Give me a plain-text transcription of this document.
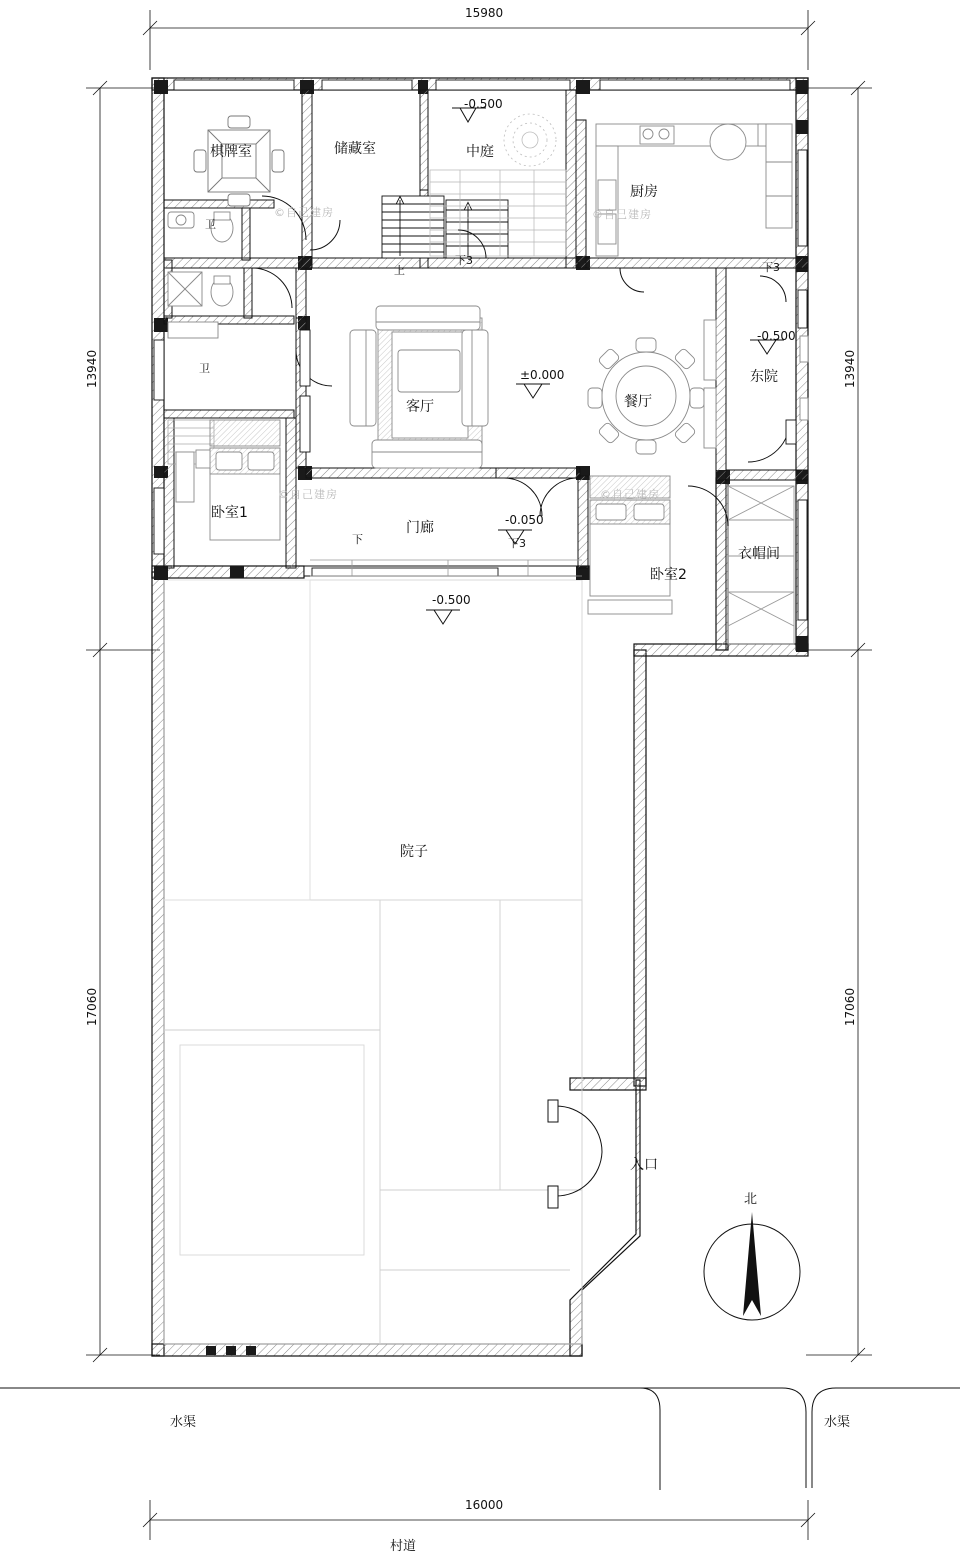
15980
16000
13940	13940
17060	17060
棋牌室	储藏室	中庭
厨房
卫
卫
客厅	餐厅
东院
卧室1
门廊
卧室2
衣帽间
院子
入口
-0.500
±0.000
-0.500
-0.050
-0.500
上
下3
下3
下	下3
水渠	水渠
村道
北
©自己建房	©自己建房
©自己建房	©自己建房
